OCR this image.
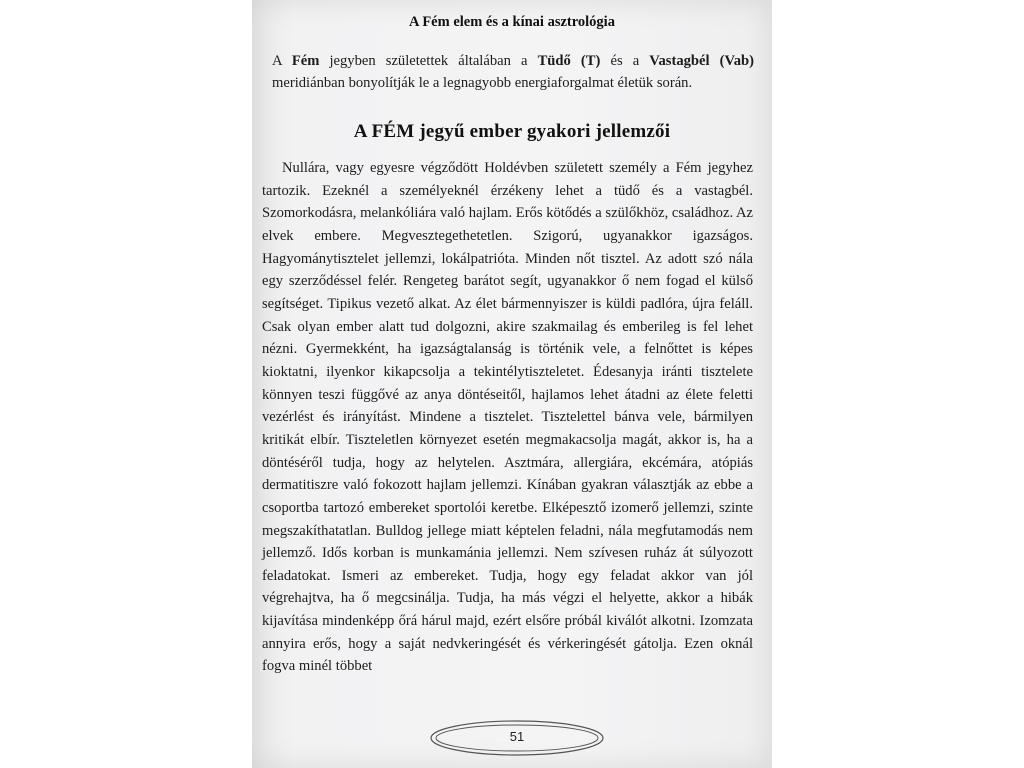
A Fém elem és a kínai asztrológia

A Fém jegyben születettek általában a Tüdő (T) és a Vastagbél (Vab) meridiánban bonyolítják le a legnagyobb energiaforgalmat életük során.

A FÉM jegyű ember gyakori jellemzői

Nullára, vagy egyesre végződött Holdévben született személy a Fém jegyhez tartozik. Ezeknél a személyeknél érzékeny lehet a tüdő és a vastagbél. Szomorkodásra, melankóliára való hajlam. Erős kötődés a szülőkhöz, családhoz. Az elvek embere. Megvesztegethetetlen. Szigorú, ugyanakkor igazságos. Hagyománytisztelet jellemzi, lokálpatrióta. Minden nőt tisztel. Az adott szó nála egy szerződéssel felér. Rengeteg barátot segít, ugyanakkor ő nem fogad el külső segítséget. Tipikus vezető alkat. Az élet bármennyiszer is küldi padlóra, újra feláll. Csak olyan ember alatt tud dolgozni, akire szakmailag és emberileg is fel lehet nézni. Gyermekként, ha igazságtalanság is történik vele, a felnőttet is képes kioktatni, ilyenkor kikapcsolja a tekintélytiszteletet. Édesanyja iránti tisztelete könnyen teszi függővé az anya döntéseitől, hajlamos lehet átadni az élete feletti vezérlést és irányítást. Mindene a tisztelet. Tisztelettel bánva vele, bármilyen kritikát elbír. Tiszteletlen környezet esetén megmakacsolja magát, akkor is, ha a döntéséről tudja, hogy az helytelen. Asztmára, allergiára, ekcémára, atópiás dermatitiszre való fokozott hajlam jellemzi. Kínában gyakran választják az ebbe a csoportba tartozó embereket sportolói keretbe. Elképesztő izomerő jellemzi, szinte megszakíthatatlan. Bulldog jellege miatt képtelen feladni, nála megfutamodás nem jellemző. Idős korban is munkamánia jellemzi. Nem szívesen ruház át súlyozott feladatokat. Ismeri az embereket. Tudja, hogy egy feladat akkor van jól végrehajtva, ha ő megcsinálja. Tudja, ha más végzi el helyette, akkor a hibák kijavítása mindenképp őrá hárul majd, ezért elsőre próbál kiválót alkotni. Izomzata annyira erős, hogy a saját nedvkeringését és vérkeringését gátolja. Ezen oknál fogva minél többet

51
